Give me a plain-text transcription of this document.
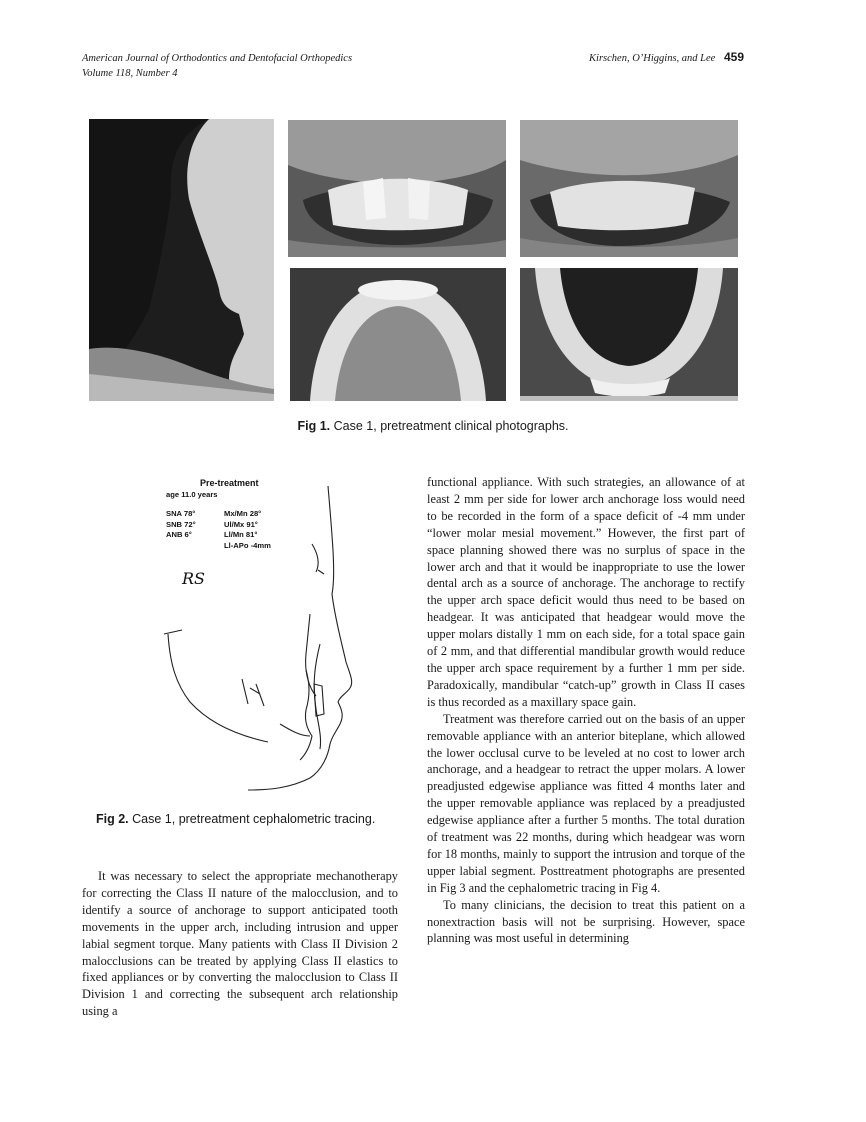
American Journal of Orthodontics and Dentofacial Orthopedics
Volume 118, Number 4
Kirschen, O’Higgins, and Lee 459
Fig 1. Case 1, pretreatment clinical photographs.
Pre-treatment
age 11.0 years
SNA 78°
SNB 72°
ANB 6°
Mx/Mn 28°
Ul/Mx 91°
Ll/Mn 81°
Ll-APo -4mm
RS
Fig 2. Case 1, pretreatment cephalometric tracing.

It was necessary to select the appropriate mechanotherapy for correcting the Class II nature of the malocclusion, and to identify a source of anchorage to support anticipated tooth movements in the upper arch, including intrusion and upper labial segment torque. Many patients with Class II Division 2 malocclusions can be treated by applying Class II elastics to fixed appliances or by converting the malocclusion to Class II Division 1 and correcting the subsequent arch relationship using a

functional appliance. With such strategies, an allowance of at least 2 mm per side for lower arch anchorage loss would need to be recorded in the form of a space deficit of -4 mm under “lower molar mesial movement.” However, the first part of space planning showed there was no surplus of space in the lower arch and that it would be inappropriate to use the lower dental arch as a source of anchorage. The anchorage to rectify the upper arch space deficit would thus need to be based on headgear. It was anticipated that headgear would move the upper molars distally 1 mm on each side, for a total space gain of 2 mm, and that differential mandibular growth would reduce the upper arch space requirement by a further 1 mm per side. Paradoxically, mandibular “catch-up” growth in Class II cases is thus recorded as a maxillary space gain.

Treatment was therefore carried out on the basis of an upper removable appliance with an anterior biteplane, which allowed the lower occlusal curve to be leveled at no cost to lower arch anchorage, and a headgear to retract the upper molars. A lower preadjusted edgewise appliance was fitted 4 months later and the upper removable appliance was replaced by a preadjusted edgewise appliance after a further 5 months. The total duration of treatment was 22 months, during which headgear was worn for 18 months, mainly to support the intrusion and torque of the upper labial segment. Posttreatment photographs are presented in Fig 3 and the cephalometric tracing in Fig 4.

To many clinicians, the decision to treat this patient on a nonextraction basis will not be surprising. However, space planning was most useful in determining
